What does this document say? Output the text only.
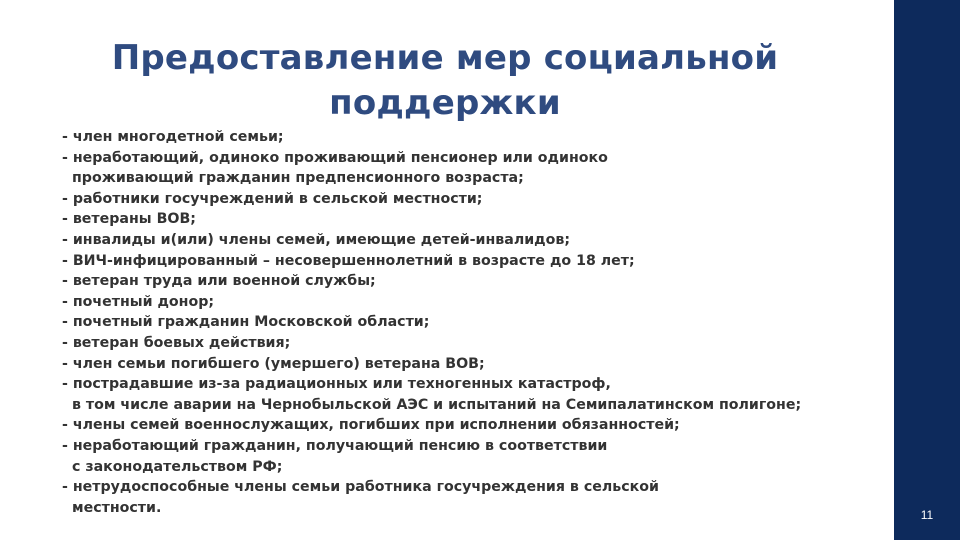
Предоставление мер социальной
поддержки
- член многодетной семьи;
- неработающий, одиноко проживающий пенсионер или одиноко
проживающий гражданин предпенсионного возраста;
- работники госучреждений в сельской местности;
- ветераны ВОВ;
- инвалиды и(или) члены семей, имеющие детей-инвалидов;
- ВИЧ-инфицированный – несовершеннолетний в возрасте до 18 лет;
- ветеран труда или военной службы;
- почетный донор;
- почетный гражданин Московской области;
- ветеран боевых действия;
- член семьи погибшего (умершего) ветерана ВОВ;
- пострадавшие из-за радиационных или техногенных катастроф,
в том числе аварии на Чернобыльской АЭС и испытаний на Семипалатинском полигоне;
- члены семей военнослужащих, погибших при исполнении обязанностей;
- неработающий гражданин, получающий пенсию в соответствии
с законодательством РФ;
- нетрудоспособные члены семьи работника госучреждения в сельской
местности.	11
